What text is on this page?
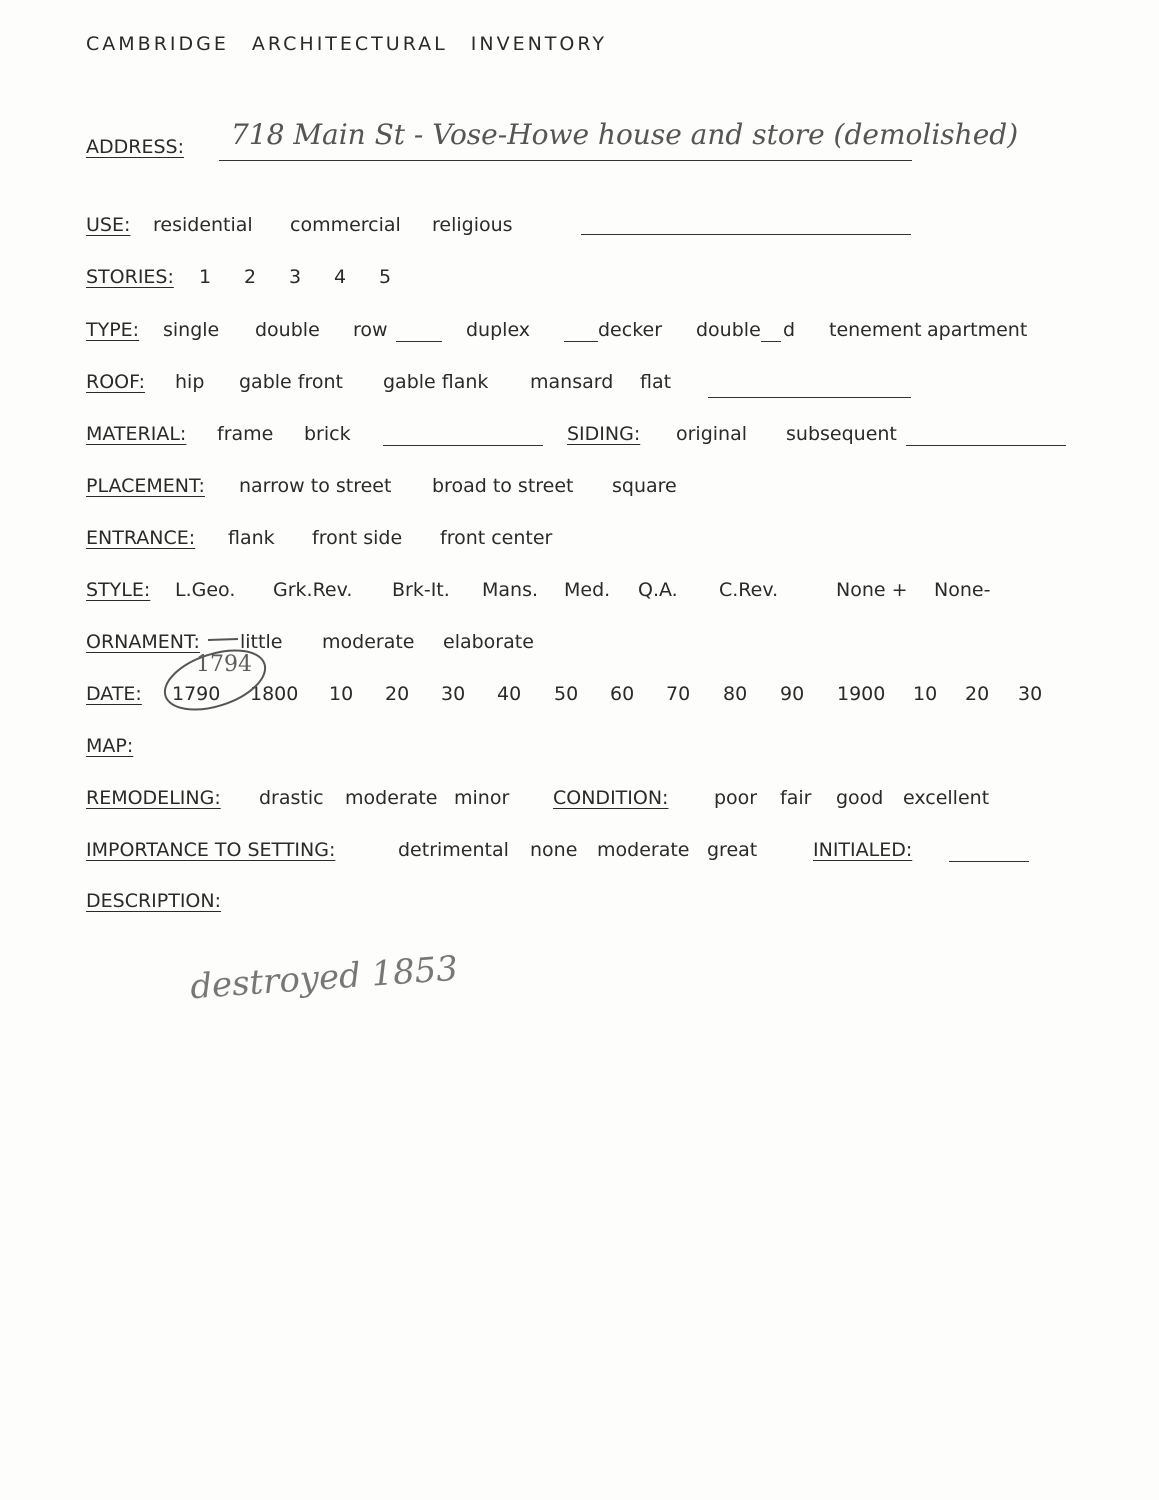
CAMBRIDGE ARCHITECTURAL INVENTORY
ADDRESS: 718 Main St - Vose-Howe house and store (demolished)
USE: residential commercial religious
STORIES: 1 2 3 4 5
TYPE: single double row	duplex	decker double d tenement apartment
ROOF: hip gable front gable flank mansard flat
MATERIAL: frame brick	SIDING: original subsequent
PLACEMENT: narrow to street broad to street square
ENTRANCE: flank front side front center
STYLE: L.Geo. Grk.Rev. Brk-It. Mans. Med. Q.A. C.Rev.	None + None-
ORNAMENT: little moderate elaborate
DATE: 1790 1800 10 20 30 40 50 60 70 80 90 1900 10 20 30
1794
MAP:
REMODELING: drastic moderate minor CONDITION: poor fair good excellent
IMPORTANCE TO SETTING:	detrimental none moderate great	INITIALED:
DESCRIPTION:
destroyed 1853
